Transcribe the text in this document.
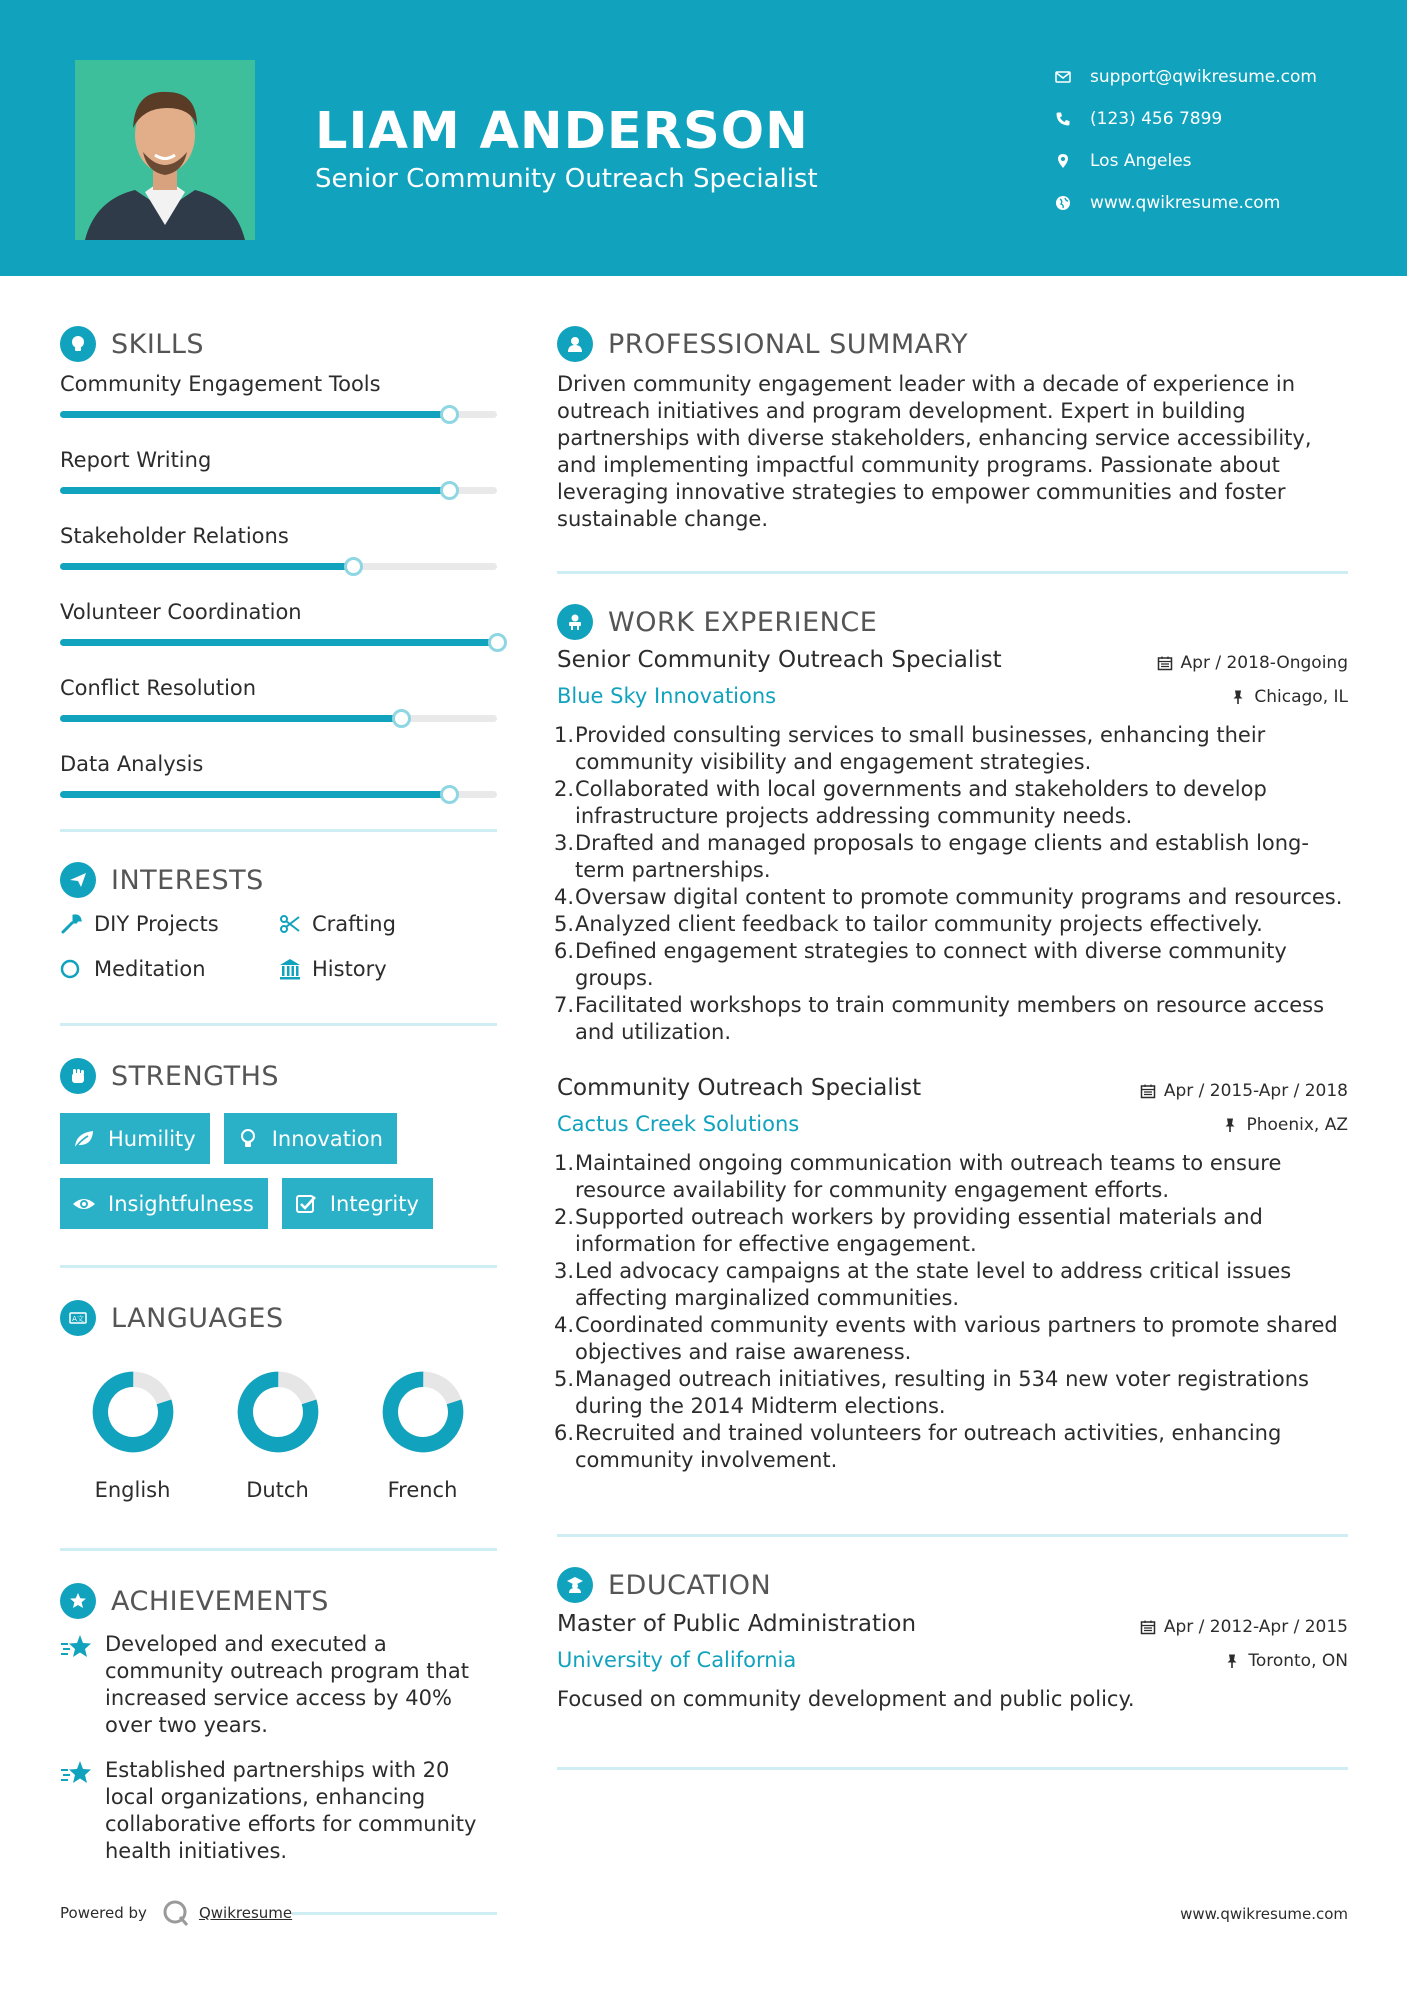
LIAM ANDERSON
Senior Community Outreach Specialist
support@qwikresume.com
(123) 456 7899
Los Angeles
www.qwikresume.com
SKILLS
Community Engagement Tools
Report Writing
Stakeholder Relations
Volunteer Coordination
Conflict Resolution
Data Analysis
INTERESTS
DIY Projects	Crafting
Meditation	History
STRENGTHS
Humility	Innovation
Insightfulness	Integrity
A文 LANGUAGES
English	Dutch	French
ACHIEVEMENTS
Developed and executed a community outreach program that increased service access by 40% over two years.
Established partnerships with 20 local organizations, enhancing collaborative efforts for community health initiatives.
PROFESSIONAL SUMMARY
Driven community engagement leader with a decade of experience in outreach initiatives and program development. Expert in building partnerships with diverse stakeholders, enhancing service accessibility, and implementing impactful community programs. Passionate about leveraging innovative strategies to empower communities and foster sustainable change.
WORK EXPERIENCE
Senior Community Outreach Specialist	Apr / 2018-Ongoing
Blue Sky Innovations	Chicago, IL
Provided consulting services to small businesses, enhancing their community visibility and engagement strategies.
Collaborated with local governments and stakeholders to develop infrastructure projects addressing community needs.
Drafted and managed proposals to engage clients and establish long-term partnerships.
Oversaw digital content to promote community programs and resources.
Analyzed client feedback to tailor community projects effectively.
Defined engagement strategies to connect with diverse community groups.
Facilitated workshops to train community members on resource access and utilization.
Community Outreach Specialist	Apr / 2015-Apr / 2018
Cactus Creek Solutions	Phoenix, AZ
Maintained ongoing communication with outreach teams to ensure resource availability for community engagement efforts.
Supported outreach workers by providing essential materials and information for effective engagement.
Led advocacy campaigns at the state level to address critical issues affecting marginalized communities.
Coordinated community events with various partners to promote shared objectives and raise awareness.
Managed outreach initiatives, resulting in 534 new voter registrations during the 2014 Midterm elections.
Recruited and trained volunteers for outreach activities, enhancing community involvement.
EDUCATION
Master of Public Administration	Apr / 2012-Apr / 2015
University of California	Toronto, ON
Focused on community development and public policy.
Powered by	Qwikresume	www.qwikresume.com
